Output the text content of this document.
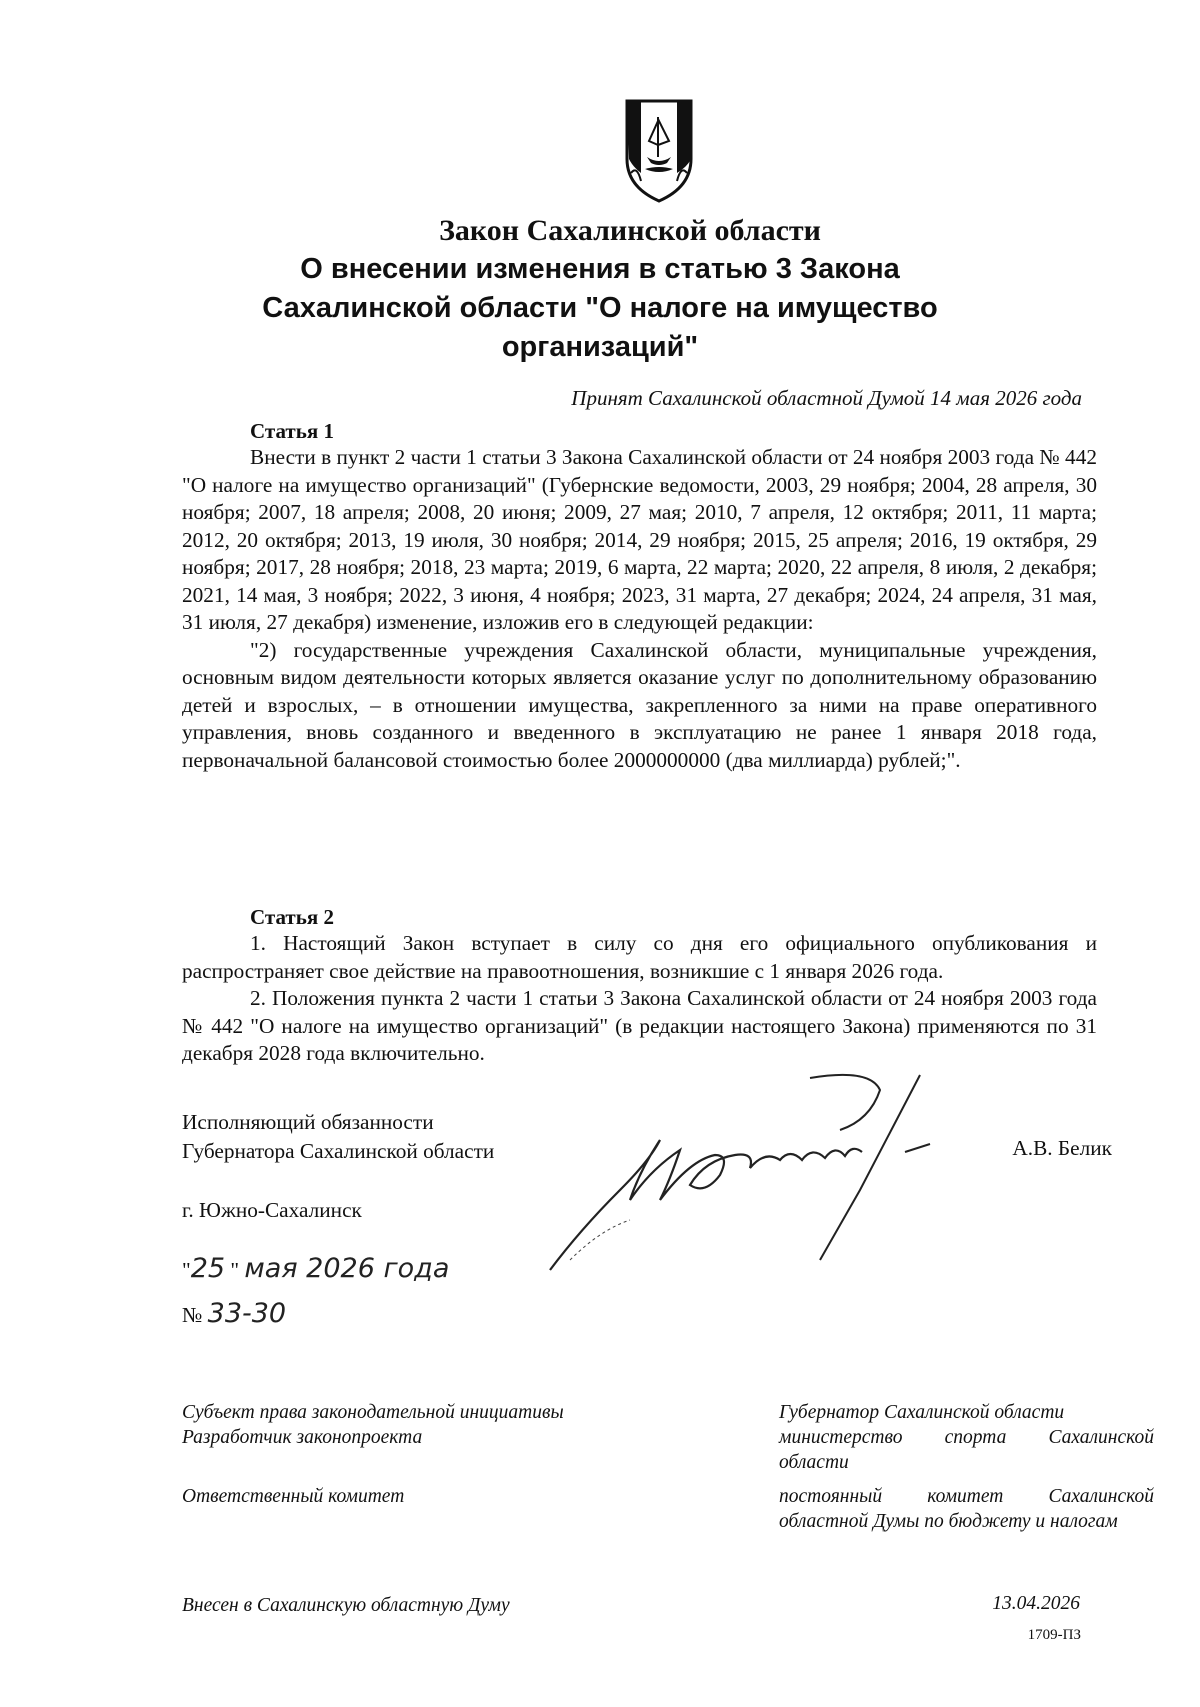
Закон Сахалинской области

О внесении изменения в статью 3 Закона Сахалинской области "О налоге на имущество организаций"

Принят Сахалинской областной Думой 14 мая 2026 года

Статья 1

Внести в пункт 2 части 1 статьи 3 Закона Сахалинской области от 24 ноября 2003 года № 442 "О налоге на имущество организаций" (Губернские ведомости, 2003, 29 ноября; 2004, 28 апреля, 30 ноября; 2007, 18 апреля; 2008, 20 июня; 2009, 27 мая; 2010, 7 апреля, 12 октября; 2011, 11 марта; 2012, 20 октября; 2013, 19 июля, 30 ноября; 2014, 29 ноября; 2015, 25 апреля; 2016, 19 октября, 29 ноября; 2017, 28 ноября; 2018, 23 марта; 2019, 6 марта, 22 марта; 2020, 22 апреля, 8 июля, 2 декабря; 2021, 14 мая, 3 ноября; 2022, 3 июня, 4 ноября; 2023, 31 марта, 27 декабря; 2024, 24 апреля, 31 мая, 31 июля, 27 декабря) изменение, изложив его в следующей редакции:

"2) государственные учреждения Сахалинской области, муниципальные учреждения, основным видом деятельности которых является оказание услуг по дополнительному образованию детей и взрослых, – в отношении имущества, закрепленного за ними на праве оперативного управления, вновь созданного и введенного в эксплуатацию не ранее 1 января 2018 года, первоначальной балансовой стоимостью более 2000000000 (два миллиарда) рублей;".

Статья 2

1. Настоящий Закон вступает в силу со дня его официального опубликования и распространяет свое действие на правоотношения, возникшие с 1 января 2026 года.

2. Положения пункта 2 части 1 статьи 3 Закона Сахалинской области от 24 ноября 2003 года № 442 "О налоге на имущество организаций" (в редакции настоящего Закона) применяются по 31 декабря 2028 года включительно.

Исполняющий обязанности
Губернатора Сахалинской области	А.В. Белик
г. Южно-Сахалинск
"25 " мая 2026 года
№ 33-30
Субъект права законодательной инициативы
Разработчик законопроекта
Ответственный комитет
Внесен в Сахалинскую областную Думу
Губернатор Сахалинской области
министерство спорта Сахалинской области
постоянный комитет Сахалинской областной Думы по бюджету и налогам
13.04.2026
1709-ПЗ
